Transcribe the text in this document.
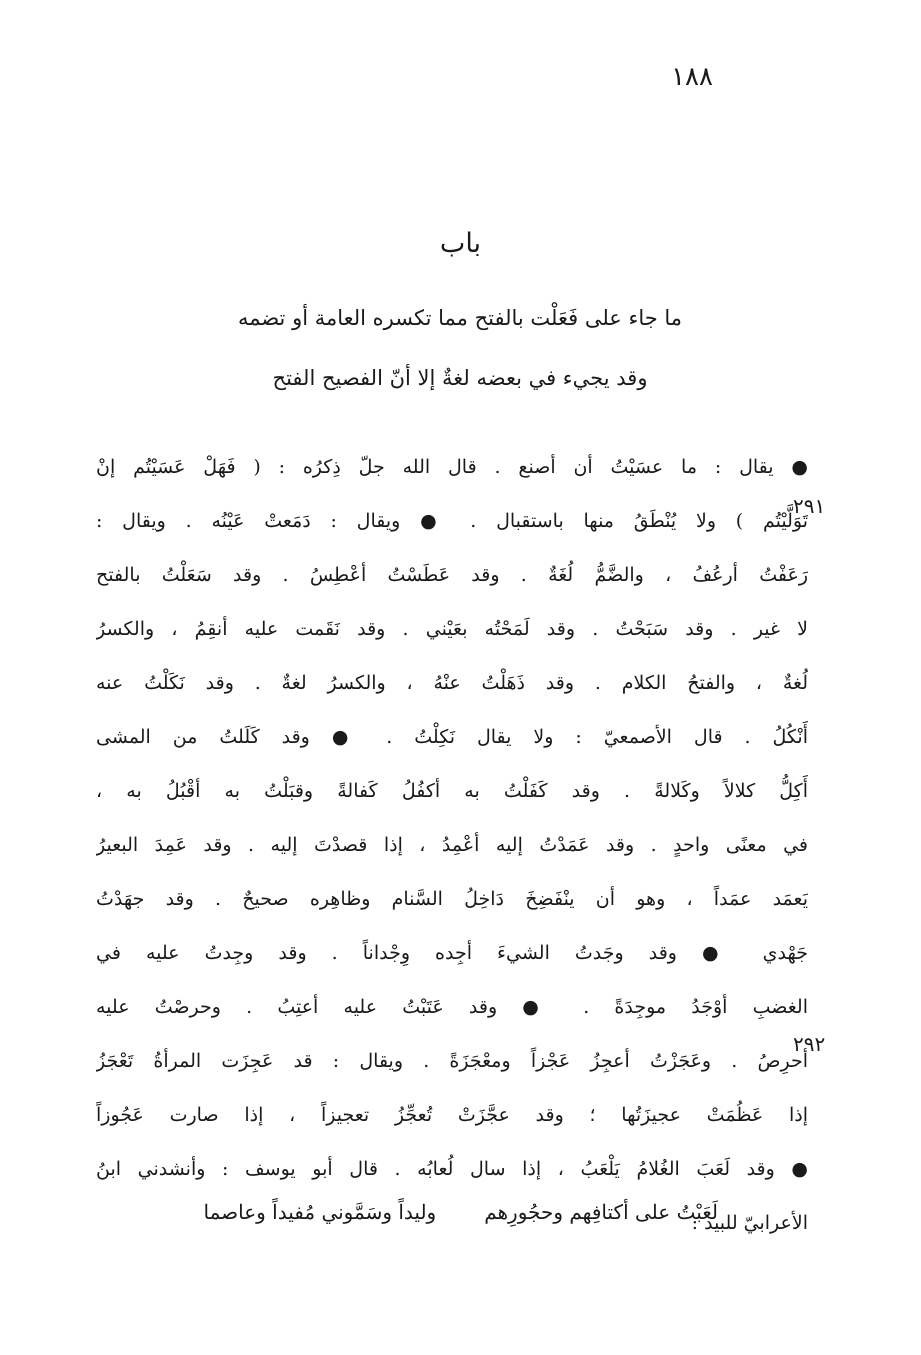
١٨٨
باب
ما جاء على فَعَلْت بالفتح مما تكسره العامة أو تضمه
وقد يجيء في بعضه لغةٌ إلا أنّ الفصيح الفتح
٢٩١
٢٩٢
● يقال : ما عسَيْتُ أن أصنع . قال الله جلّ ذِكرُه : ( فَهَلْ عَسَيْتُم إنْ
تَوَلَّيْتُم ) ولا يُنْطَقُ منها باستقبال . ● ويقال : دَمَعتْ عَيْنُه . ويقال :
رَعَفْتُ أرعُفُ ، والضَّمُّ لُغَةٌ . وقد عَطَسْتُ أعْطِسُ . وقد سَعَلْتُ بالفتح
لا غير . وقد سَبَحْتُ . وقد لَمَحْتُه بعَيْني . وقد نَقَمت عليه أنقِمُ ، والكسرُ
لُغةٌ ، والفتحُ الكلام . وقد ذَهَلْتُ عنْهُ ، والكسرُ لغةٌ . وقد نَكَلْتُ عنه
أَنْكُلُ . قال الأصمعيّ : ولا يقال نَكِلْتُ . ● وقد كَلَلتُ من المشى
أَكِلُّ كلالاً وكَلالةً . وقد كَفَلْتُ به أكفُلُ كَفالةً وقبَلْتُ به أقْبُلُ به ،
في معنًى واحدٍ . وقد عَمَدْتُ إليه أعْمِدُ ، إذا قصدْتَ إليه . وقد عَمِدَ البعيرُ
يَعمَد عمَداً ، وهو أن ينْفَضِخَ دَاخِلُ السَّنام وظاهِره صحيحٌ . وقد جهَدْتُ
جَهْدي ● وقد وجَدتُ الشيءَ أجِده وِجْداناً . وقد وجِدتُ عليه في
الغضبِ أوْجَدُ موجِدَةً . ● وقد عَتَبْتُ عليه أعتِبُ . وحرصْتُ عليه
أحرِصُ . وعَجَزْتُ أعجِزُ عَجْزاً ومعْجَزَةً . ويقال : قد عَجِزَت المرأةُ تَعْجَزُ
إذا عَظُمَتْ عجيزَتُها ؛ وقد عجَّزَتْ تُعجِّزُ تعجيزاً ، إذا صارت عَجُوزاً
● وقد لَعَبَ الغُلامُ يَلْعَبُ ، إذا سال لُعابُه . قال أبو يوسف : وأنشدني ابنُ
الأعرابيّ للبيد :
لَعَبْتُ على أكتافِهم وحجُورِهموليداً وسَمَّوني مُفيداً وعاصما
